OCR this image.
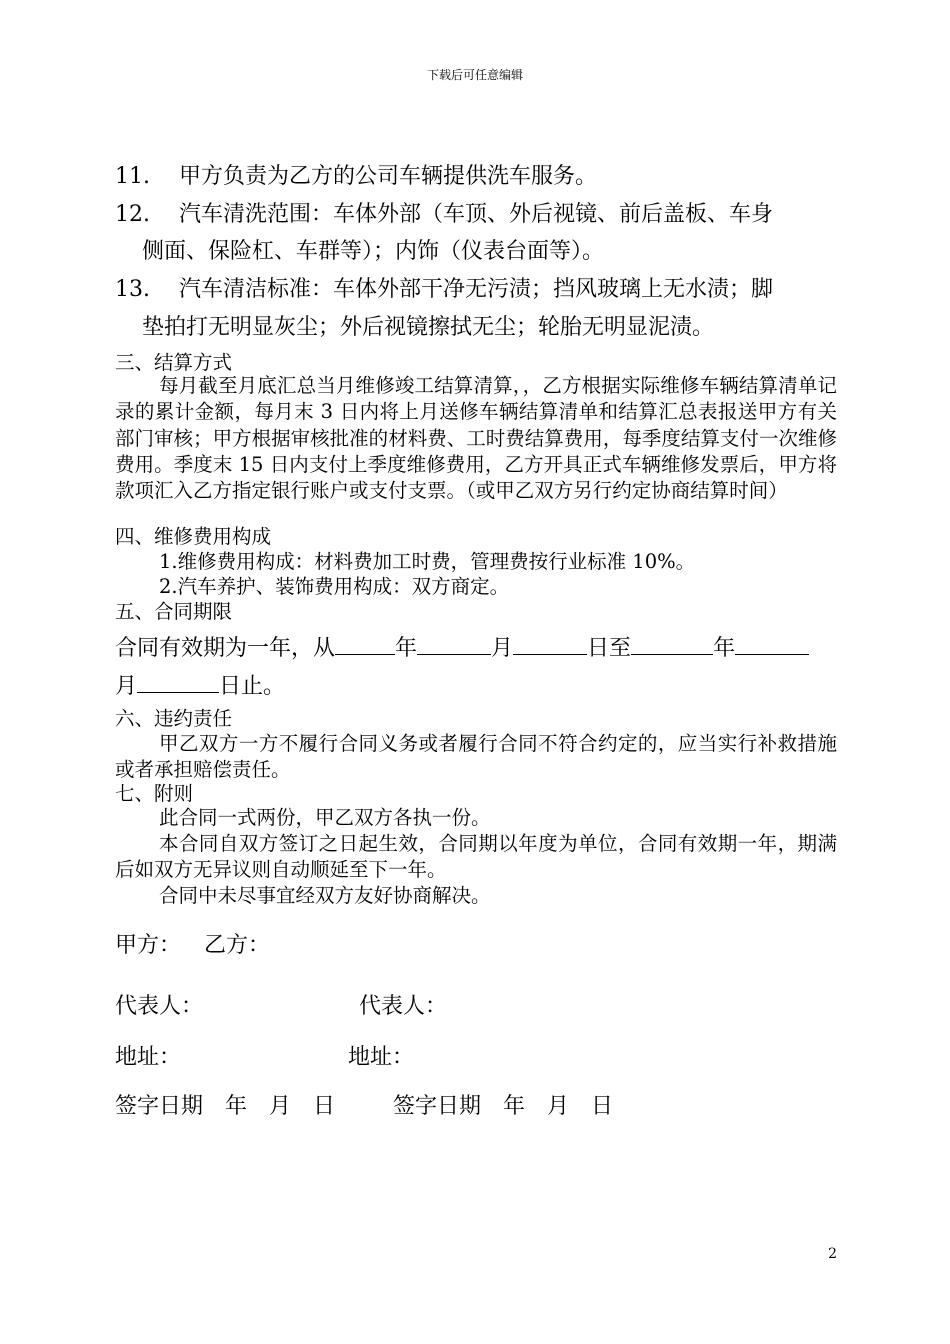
下载后可任意编辑
11. 甲方负责为乙方的公司车辆提供洗车服务。
12. 汽车清洗范围：车体外部（车顶、外后视镜、前后盖板、车身
侧面、保险杠、车群等）；内饰（仪表台面等）。
13. 汽车清洁标准：车体外部干净无污渍；挡风玻璃上无水渍；脚
垫拍打无明显灰尘；外后视镜擦拭无尘；轮胎无明显泥渍。
三、结算方式
每月截至月底汇总当月维修竣工结算清算，，乙方根据实际维修车辆结算清单记录的累计金额，每月末 3 日内将上月送修车辆结算清单和结算汇总表报送甲方有关部门审核；甲方根据审核批准的材料费、工时费结算费用，每季度结算支付一次维修费用。季度末 15 日内支付上季度维修费用，乙方开具正式车辆维修发票后，甲方将款项汇入乙方指定银行账户或支付支票。（或甲乙双方另行约定协商结算时间）
四、维修费用构成
1.维修费用构成：材料费加工时费，管理费按行业标准 10%。
2.汽车养护、装饰费用构成：双方商定。
五、合同期限
合同有效期为一年，从	年	月	日至	年
月	日止。
六、违约责任
甲乙双方一方不履行合同义务或者履行合同不符合约定的，应当实行补救措施或者承担赔偿责任。
七、附则
此合同一式两份，甲乙双方各执一份。
本合同自双方签订之日起生效，合同期以年度为单位，合同有效期一年，期满后如双方无异议则自动顺延至下一年。
合同中未尽事宜经双方友好协商解决。
甲方： 乙方：
代表人：	代表人：
地址：	地址：
签字日期　年　月　日	签字日期　年　月　日
2
